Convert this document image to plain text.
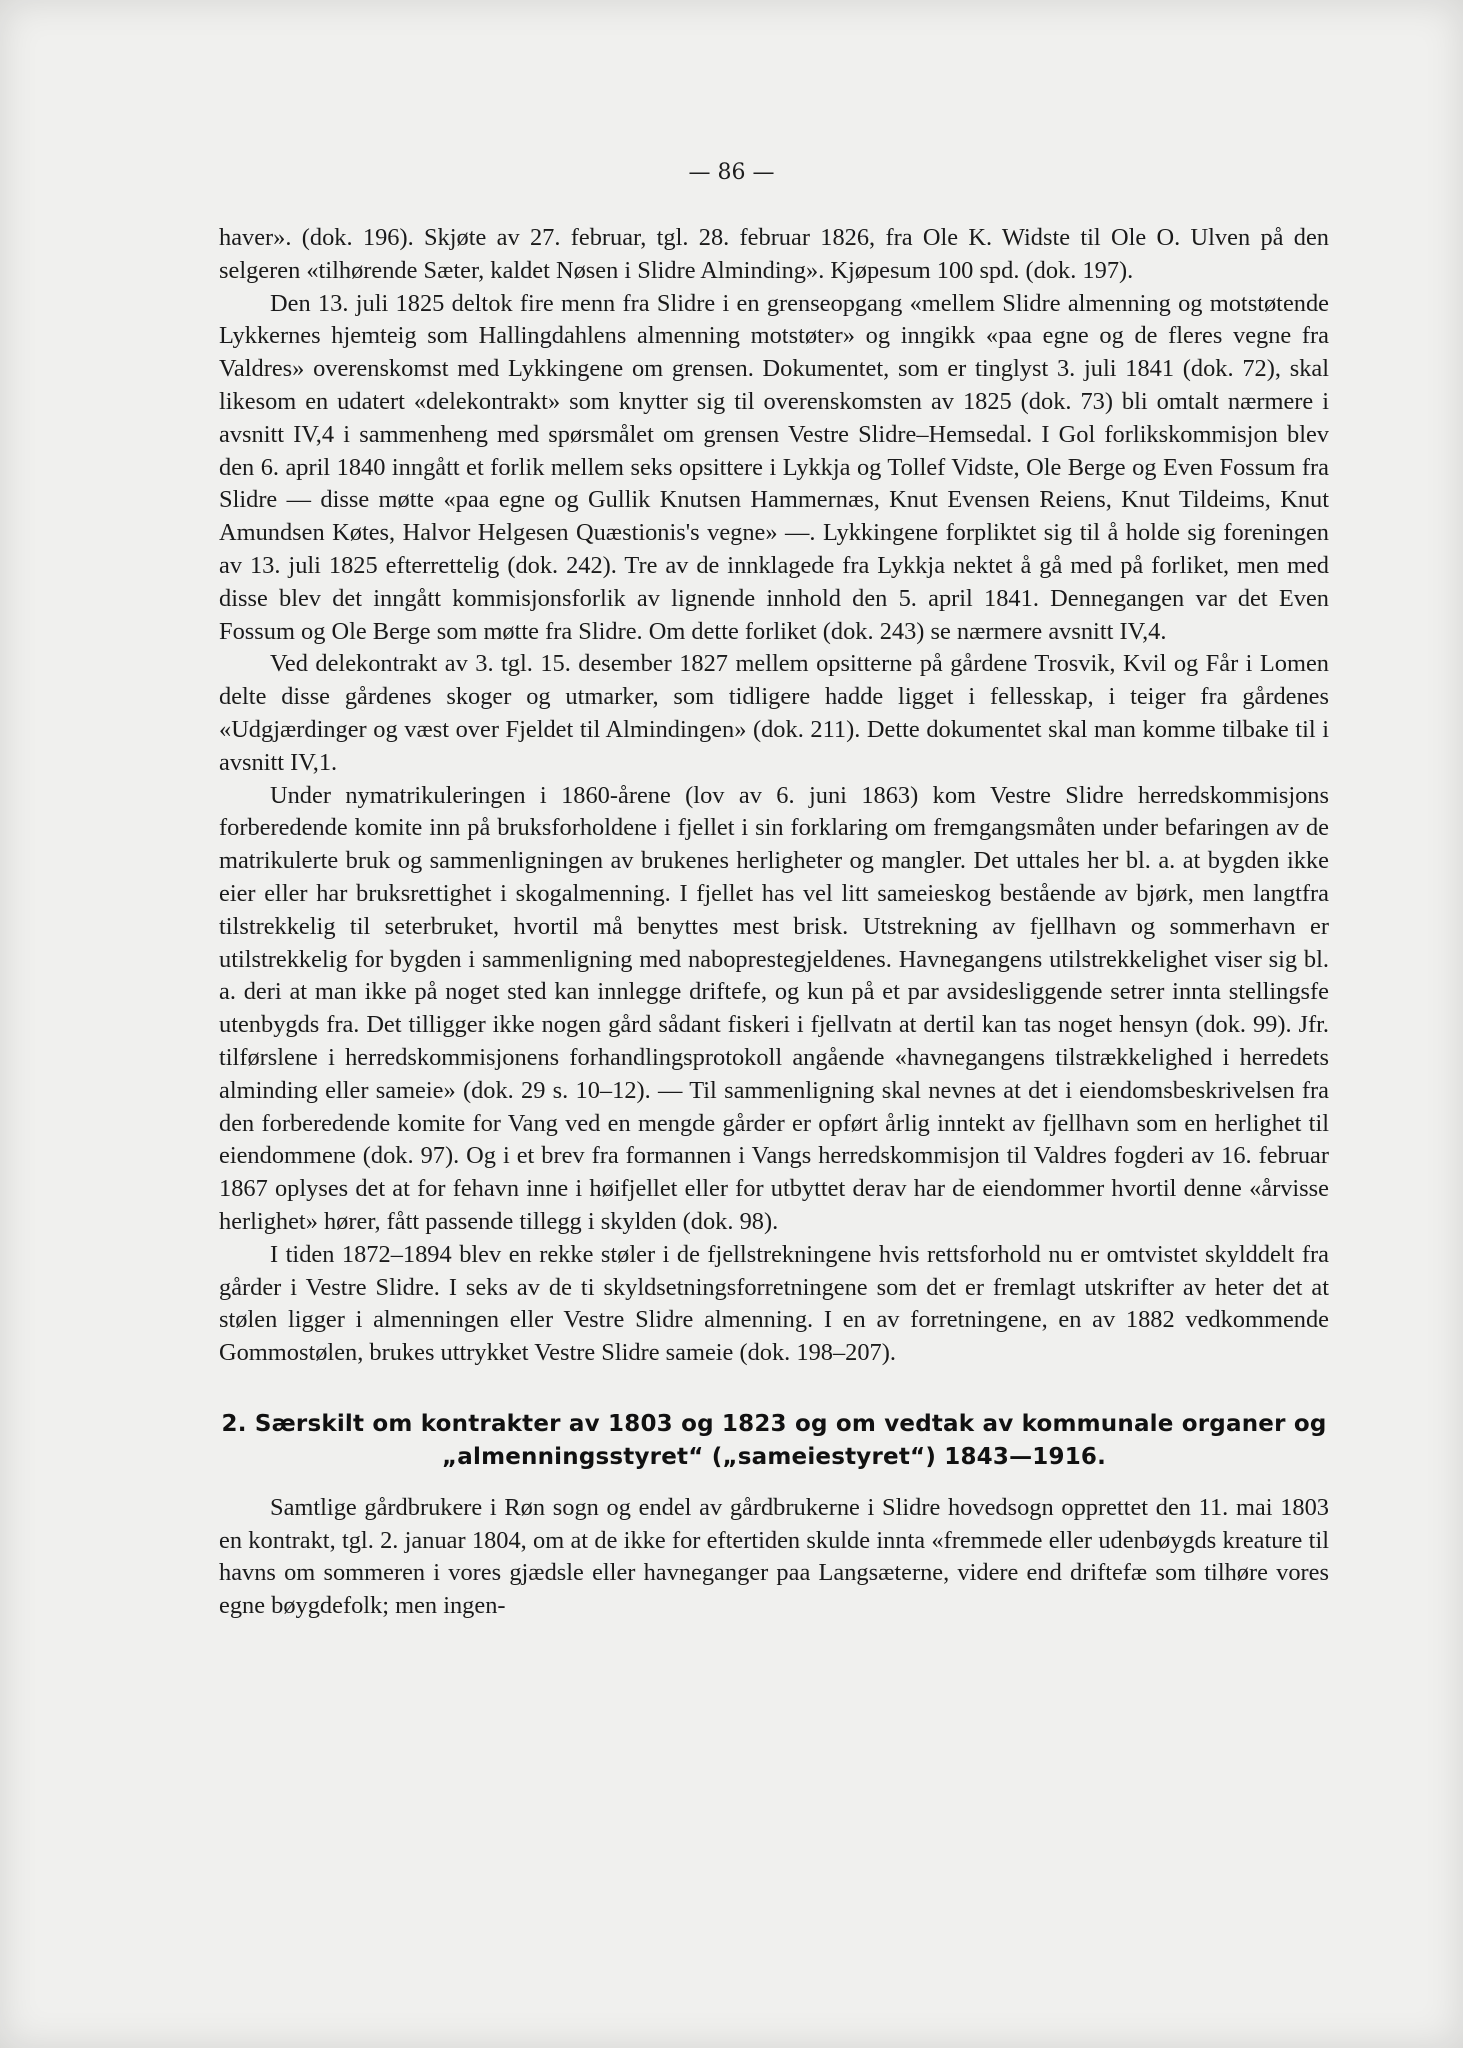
— 86 —

haver». (dok. 196). Skjøte av 27. februar, tgl. 28. februar 1826, fra Ole K. Widste til Ole O. Ulven på den selgeren «tilhørende Sæter, kaldet Nøsen i Slidre Alminding». Kjøpesum 100 spd. (dok. 197).

Den 13. juli 1825 deltok fire menn fra Slidre i en grenseopgang «mellem Slidre almenning og motstøtende Lykkernes hjemteig som Hallingdahlens almenning motstøter» og inngikk «paa egne og de fleres vegne fra Valdres» overenskomst med Lykkingene om grensen. Dokumentet, som er tinglyst 3. juli 1841 (dok. 72), skal likesom en udatert «delekontrakt» som knytter sig til overenskomsten av 1825 (dok. 73) bli omtalt nærmere i avsnitt IV,4 i sammenheng med spørsmålet om grensen Vestre Slidre–Hemsedal. I Gol forlikskommisjon blev den 6. april 1840 inngått et forlik mellem seks opsittere i Lykkja og Tollef Vidste, Ole Berge og Even Fossum fra Slidre — disse møtte «paa egne og Gullik Knutsen Hammernæs, Knut Evensen Reiens, Knut Tildeims, Knut Amundsen Køtes, Halvor Helgesen Quæstionis's vegne» —. Lykkingene forpliktet sig til å holde sig foreningen av 13. juli 1825 efterrettelig (dok. 242). Tre av de innklagede fra Lykkja nektet å gå med på forliket, men med disse blev det inngått kommisjonsforlik av lignende innhold den 5. april 1841. Dennegangen var det Even Fossum og Ole Berge som møtte fra Slidre. Om dette forliket (dok. 243) se nærmere avsnitt IV,4.

Ved delekontrakt av 3. tgl. 15. desember 1827 mellem opsitterne på gårdene Trosvik, Kvil og Får i Lomen delte disse gårdenes skoger og utmarker, som tidligere hadde ligget i fellesskap, i teiger fra gårdenes «Udgjærdinger og væst over Fjeldet til Almindingen» (dok. 211). Dette dokumentet skal man komme tilbake til i avsnitt IV,1.

Under nymatrikuleringen i 1860-årene (lov av 6. juni 1863) kom Vestre Slidre herredskommisjons forberedende komite inn på bruksforholdene i fjellet i sin forklaring om fremgangsmåten under befaringen av de matrikulerte bruk og sammenligningen av brukenes herligheter og mangler. Det uttales her bl. a. at bygden ikke eier eller har bruksrettighet i skogalmenning. I fjellet has vel litt sameieskog bestående av bjørk, men langtfra tilstrekkelig til seterbruket, hvortil må benyttes mest brisk. Utstrekning av fjellhavn og sommerhavn er utilstrekkelig for bygden i sammenligning med naboprestegjeldenes. Havnegangens utilstrekkelighet viser sig bl. a. deri at man ikke på noget sted kan innlegge driftefe, og kun på et par avsidesliggende setrer innta stellingsfe utenbygds fra. Det tilligger ikke nogen gård sådant fiskeri i fjellvatn at dertil kan tas noget hensyn (dok. 99). Jfr. tilførslene i herredskommisjonens forhandlingsprotokoll angående «havnegangens tilstrækkelighed i herredets alminding eller sameie» (dok. 29 s. 10–12). — Til sammenligning skal nevnes at det i eiendomsbeskrivelsen fra den forberedende komite for Vang ved en mengde gårder er opført årlig inntekt av fjellhavn som en herlighet til eiendommene (dok. 97). Og i et brev fra formannen i Vangs herredskommisjon til Valdres fogderi av 16. februar 1867 oplyses det at for fehavn inne i høifjellet eller for utbyttet derav har de eiendommer hvortil denne «årvisse herlighet» hører, fått passende tillegg i skylden (dok. 98).

I tiden 1872–1894 blev en rekke støler i de fjellstrekningene hvis rettsforhold nu er omtvistet skylddelt fra gårder i Vestre Slidre. I seks av de ti skyldsetningsforretningene som det er fremlagt utskrifter av heter det at stølen ligger i almenningen eller Vestre Slidre almenning. I en av forretningene, en av 1882 vedkommende Gommostølen, brukes uttrykket Vestre Slidre sameie (dok. 198–207).

2. Særskilt om kontrakter av 1803 og 1823 og om vedtak av kommunale organer og
„almenningsstyret“ („sameiestyret“) 1843—1916.

Samtlige gårdbrukere i Røn sogn og endel av gårdbrukerne i Slidre hovedsogn opprettet den 11. mai 1803 en kontrakt, tgl. 2. januar 1804, om at de ikke for eftertiden skulde innta «fremmede eller udenbøygds kreature til havns om sommeren i vores gjædsle eller havneganger paa Langsæterne, videre end driftefæ som tilhøre vores egne bøygdefolk; men ingen-
